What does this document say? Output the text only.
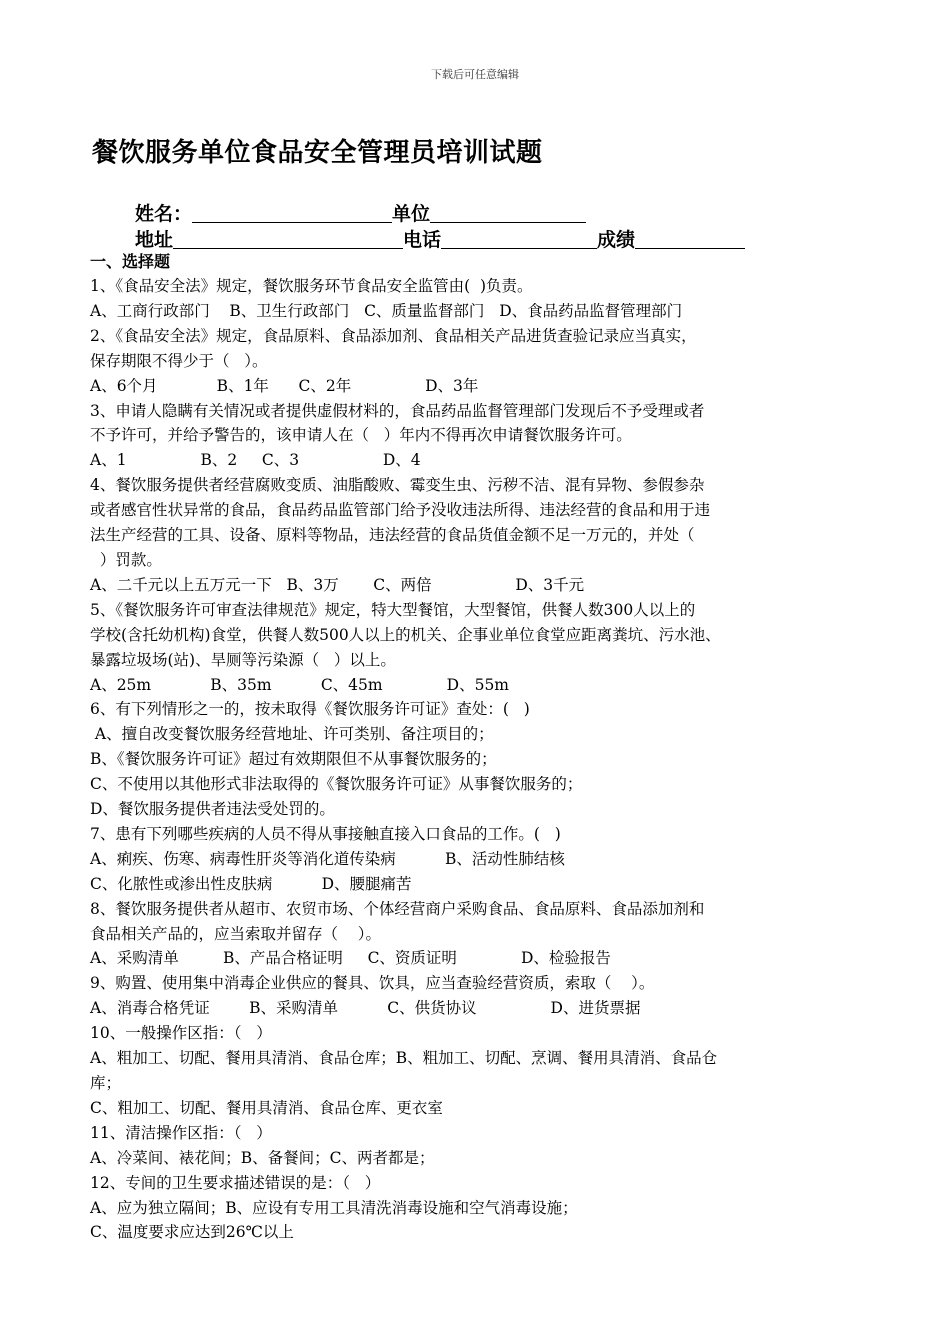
下载后可任意编辑
餐饮服务单位食品安全管理员培训试题
姓名：	单位
地址	电话	成绩
一、选择题
1、《食品安全法》规定，餐饮服务环节食品安全监管由(  )负责。
A、工商行政部门    B、卫生行政部门   C、质量监督部门   D、食品药品监督管理部门
2、《食品安全法》规定，食品原料、食品添加剂、食品相关产品进货查验记录应当真实，
保存期限不得少于（   ）。
A、6个月            B、1年      C、2年               D、3年
3、申请人隐瞒有关情况或者提供虚假材料的，食品药品监督管理部门发现后不予受理或者
不予许可，并给予警告的，该申请人在（   ）年内不得再次申请餐饮服务许可。
A、1               B、2     C、3                 D、4
4、餐饮服务提供者经营腐败变质、油脂酸败、霉变生虫、污秽不洁、混有异物、参假参杂
或者感官性状异常的食品，食品药品监管部门给予没收违法所得、违法经营的食品和用于违
法生产经营的工具、设备、原料等物品，违法经营的食品货值金额不足一万元的，并处（
）罚款。
A、二千元以上五万元一下   B、3万       C、两倍                 D、3千元
5、《餐饮服务许可审查法律规范》规定，特大型餐馆，大型餐馆，供餐人数300人以上的
学校(含托幼机构)食堂，供餐人数500人以上的机关、企事业单位食堂应距离粪坑、污水池、
暴露垃圾场(站)、旱厕等污染源（   ）以上。
A、25m            B、35m          C、45m             D、55m
6、有下列情形之一的，按未取得《餐饮服务许可证》查处：(   )
A、擅自改变餐饮服务经营地址、许可类别、备注项目的；
B、《餐饮服务许可证》超过有效期限但不从事餐饮服务的；
C、不使用以其他形式非法取得的《餐饮服务许可证》从事餐饮服务的；
D、餐饮服务提供者违法受处罚的。
7、患有下列哪些疾病的人员不得从事接触直接入口食品的工作。(   )
A、痢疾、伤寒、病毒性肝炎等消化道传染病          B、活动性肺结核
C、化脓性或渗出性皮肤病          D、腰腿痛苦
8、餐饮服务提供者从超市、农贸市场、个体经营商户采购食品、食品原料、食品添加剂和
食品相关产品的，应当索取并留存（    ）。
A、采购清单         B、产品合格证明     C、资质证明             D、检验报告
9、购置、使用集中消毒企业供应的餐具、饮具，应当查验经营资质，索取（    ）。
A、消毒合格凭证        B、采购清单          C、供货协议               D、进货票据
10、一般操作区指：（   ）
A、粗加工、切配、餐用具清消、食品仓库；B、粗加工、切配、烹调、餐用具清消、食品仓
库；
C、粗加工、切配、餐用具清消、食品仓库、更衣室
11、清洁操作区指：（   ）
A、冷菜间、裱花间；B、备餐间；C、两者都是；
12、专间的卫生要求描述错误的是：（   ）
A、应为独立隔间；B、应设有专用工具清洗消毒设施和空气消毒设施；
C、温度要求应达到26℃以上
